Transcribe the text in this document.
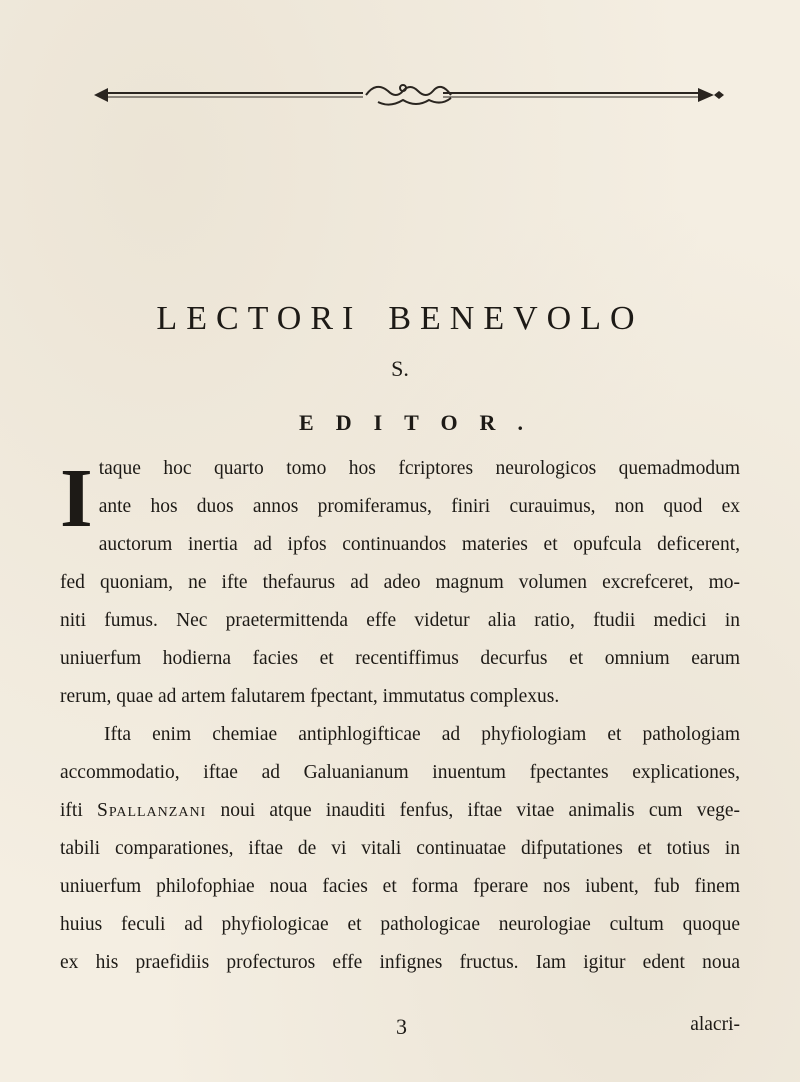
LECTORI BENEVOLO
S.
EDITOR.
I taque hoc quarto tomo hos fcriptores neurologicos quemadmodum
ante hos duos annos promiferamus, finiri curauimus, non quod ex
auctorum inertia ad ipfos continuandos materies et opufcula deficerent,
fed quoniam, ne ifte thefaurus ad adeo magnum volumen excrefceret, mo-
niti fumus. Nec praetermittenda effe videtur alia ratio, ftudii medici in
uniuerfum hodierna facies et recentiffimus decurfus et omnium earum
rerum, quae ad artem falutarem fpectant, immutatus complexus.
Ifta enim chemiae antiphlogifticae ad phyfiologiam et pathologiam
accommodatio, iftae ad Galuanianum inuentum fpectantes explicationes,
ifti Spallanzani noui atque inauditi fenfus, iftae vitae animalis cum vege-
tabili comparationes, iftae de vi vitali continuatae difputationes et totius in
uniuerfum philofophiae noua facies et forma fperare nos iubent, fub finem
huius feculi ad phyfiologicae et pathologicae neurologiae cultum quoque
ex his praefidiis profecturos effe infignes fructus. Iam igitur edent noua
3	alacri-
